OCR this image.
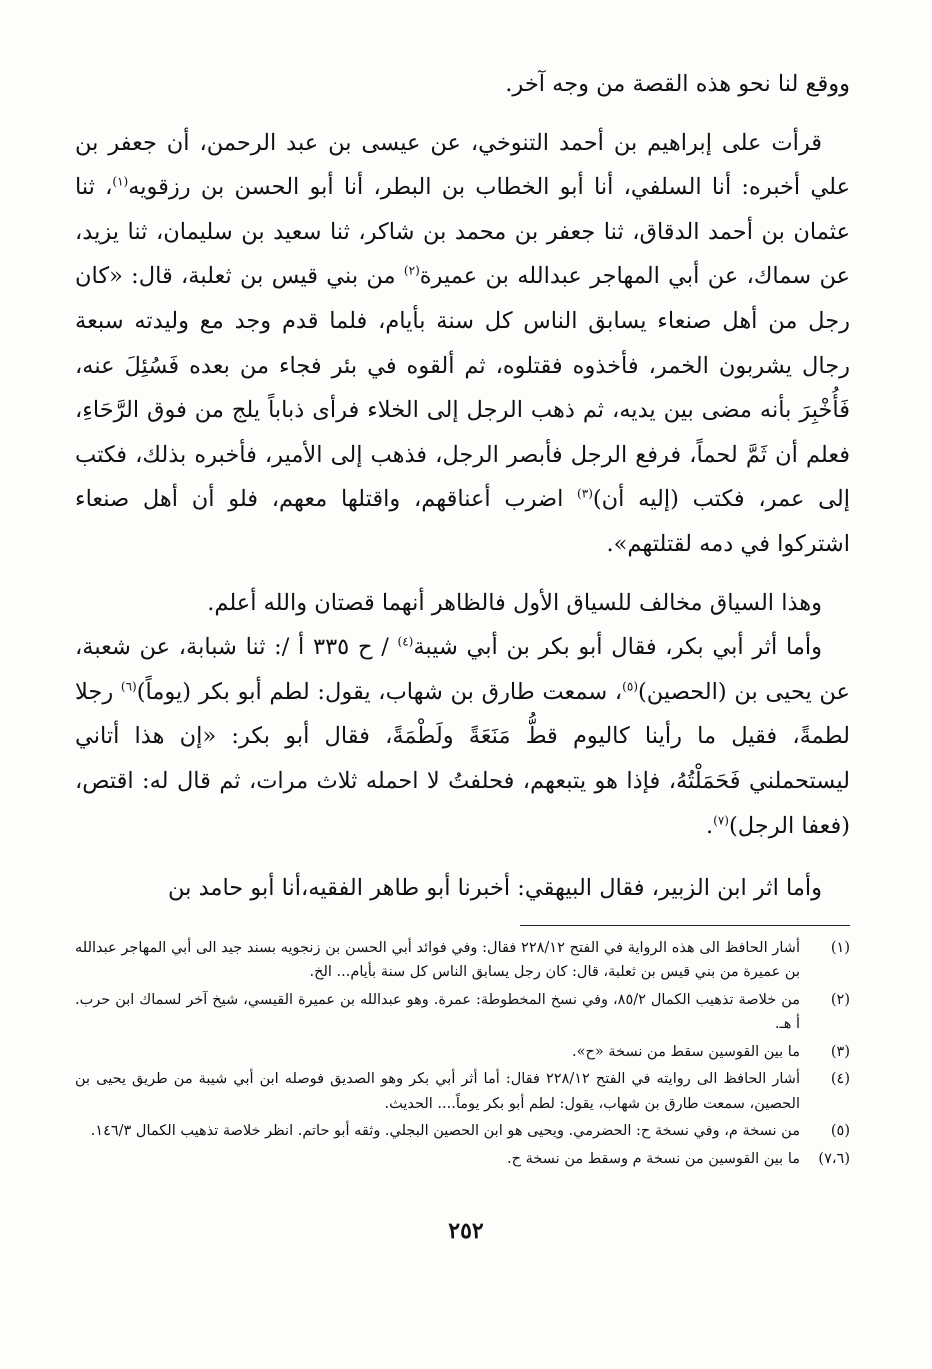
ووقع لنا نحو هذه القصة من وجه آخر.

قرأت على إبراهيم بن أحمد التنوخي، عن عيسى بن عبد الرحمن، أن جعفر بن علي أخبره: أنا السلفي، أنا أبو الخطاب بن البطر، أنا أبو الحسن بن رزقويه$^{(١)}$، ثنا عثمان بن أحمد الدقاق، ثنا جعفر بن محمد بن شاكر، ثنا سعيد بن سليمان، ثنا يزيد، عن سماك، عن أبي المهاجر عبدالله بن عميرة$^{(٢)}$ من بني قيس بن ثعلبة، قال: «كان رجل من أهل صنعاء يسابق الناس كل سنة بأيام، فلما قدم وجد مع وليدته سبعة رجال يشربون الخمر، فأخذوه فقتلوه، ثم ألقوه في بئر فجاء من بعده فَسُئِلَ عنه، فَأُخْبِرَ بأنه مضى بين يديه، ثم ذهب الرجل إلى الخلاء فرأى ذباباً يلج من فوق الرَّحَاءِ، فعلم أن ثَمَّ لحماً، فرفع الرجل فأبصر الرجل، فذهب إلى الأمير، فأخبره بذلك، فكتب إلى عمر، فكتب (إليه أن)$^{(٣)}$ اضرب أعناقهم، واقتلها معهم، فلو أن أهل صنعاء اشتركوا في دمه لقتلتهم».

وهذا السياق مخالف للسياق الأول فالظاهر أنهما قصتان والله أعلم.

وأما أثر أبي بكر، فقال أبو بكر بن أبي شيبة$^{(٤)}$ / ح ٣٣٥ أ /: ثنا شبابة، عن شعبة، عن يحيى بن (الحصين)$^{(٥)}$، سمعت طارق بن شهاب، يقول: لطم أبو بكر (يوماً)$^{(٦)}$ رجلا لطمةً، فقيل ما رأينا كاليوم قطُّ مَنَعَةً ولَطْمَةً، فقال أبو بكر: «إن هذا أتاني ليستحملني فَحَمَلْتُهُ، فإذا هو يتبعهم، فحلفتُ لا احمله ثلاث مرات، ثم قال له: اقتص، (فعفا الرجل)$^{(٧)}$.

وأما اثر ابن الزبير، فقال البيهقي: أخبرنا أبو طاهر الفقيه،أنا أبو حامد بن

(١)
أشار الحافظ الى هذه الرواية في الفتح ٢٢٨/١٢ فقال: وفي فوائد أبي الحسن بن زنجويه بسند جيد الى أبي المهاجر عبدالله بن عميرة من بني قيس بن ثعلبة، قال: كان رجل يسابق الناس كل سنة بأيام... الخ.
(٢)
من خلاصة تذهيب الكمال ٨٥/٢، وفي نسخ المخطوطة: عمرة. وهو عبدالله بن عميرة القيسي، شيخ آخر لسماك ابن حرب. أ هـ.
(٣)
ما بين القوسين سقط من نسخة «ح».
(٤)
أشار الحافظ الى روايته في الفتح ٢٢٨/١٢ فقال: أما أثر أبي بكر وهو الصديق فوصله ابن أبي شيبة من طريق يحيى بن الحصين، سمعت طارق بن شهاب، يقول: لطم أبو بكر يوماً.... الحديث.
(٥)
من نسخة م، وفي نسخة ح: الحضرمي. ويحيى هو ابن الحصين البجلي. وثقه أبو حاتم. انظر خلاصة تذهيب الكمال ١٤٦/٣.
(٧،٦)
ما بين القوسين من نسخة م وسقط من نسخة ح.
٢٥٢
